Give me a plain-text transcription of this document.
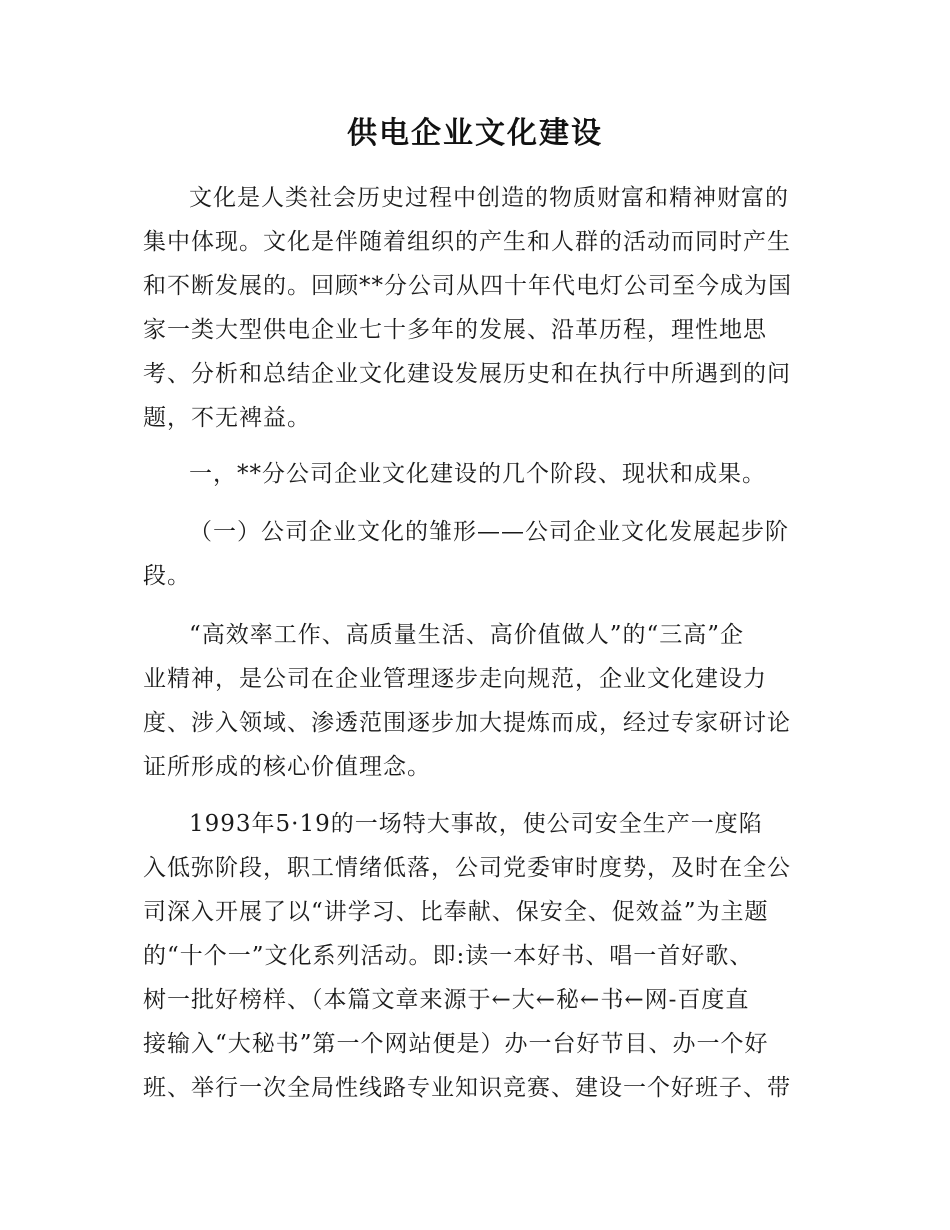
供电企业文化建设
文化是人类社会历史过程中创造的物质财富和精神财富的
集中体现。文化是伴随着组织的产生和人群的活动而同时产生
和不断发展的。回顾**分公司从四十年代电灯公司至今成为国
家一类大型供电企业七十多年的发展、沿革历程，理性地思
考、分析和总结企业文化建设发展历史和在执行中所遇到的问
题，不无裨益。
一，**分公司企业文化建设的几个阶段、现状和成果。
（一）公司企业文化的雏形——公司企业文化发展起步阶
段。
“高效率工作、高质量生活、高价值做人”的“三高”企
业精神，是公司在企业管理逐步走向规范，企业文化建设力
度、涉入领域、渗透范围逐步加大提炼而成，经过专家研讨论
证所形成的核心价值理念。
1993年5·19的一场特大事故，使公司安全生产一度陷
入低弥阶段，职工情绪低落，公司党委审时度势，及时在全公
司深入开展了以“讲学习、比奉献、保安全、促效益”为主题
的“十个一”文化系列活动。即:读一本好书、唱一首好歌、
树一批好榜样、（本篇文章来源于←大←秘←书←网-百度直
接输入“大秘书”第一个网站便是）办一台好节目、办一个好
班、举行一次全局性线路专业知识竞赛、建设一个好班子、带
